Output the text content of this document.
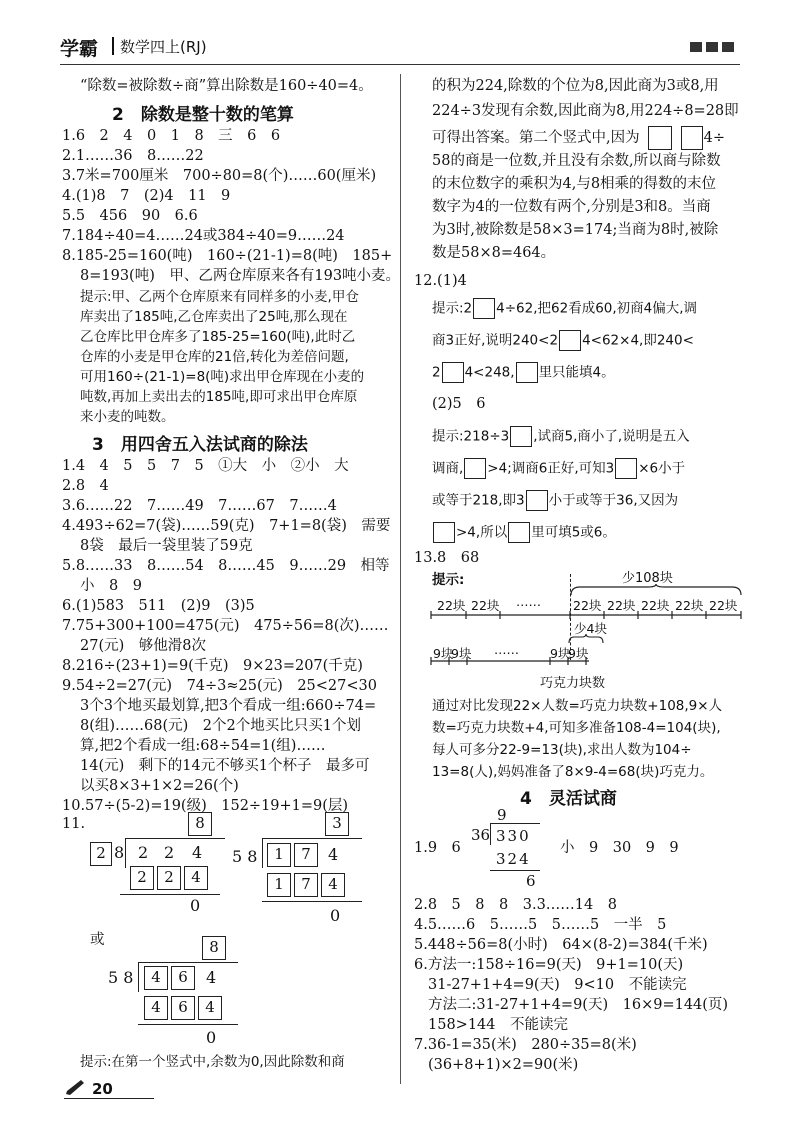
学霸 数学四上(RJ)
“除数=被除数÷商”算出除数是160÷40=4。
2　除数是整十数的笔算
1.6　2　4　0　1　8　三　6　6
2.1……36　8……22
3.7米=700厘米　700÷80=8(个)……60(厘米)
4.(1)8　7　(2)4　11　9
5.5　456　90　6.6
7.184÷40=4……24或384÷40=9……24
8.185-25=160(吨)　160÷(21-1)=8(吨)　185+
8=193(吨)　甲、乙两仓库原来各有193吨小麦。
提示:甲、乙两个仓库原来有同样多的小麦,甲仓
库卖出了185吨,乙仓库卖出了25吨,那么现在
乙仓库比甲仓库多了185-25=160(吨),此时乙
仓库的小麦是甲仓库的21倍,转化为差倍问题,
可用160÷(21-1)=8(吨)求出甲仓库现在小麦的
吨数,再加上卖出去的185吨,即可求出甲仓库原
来小麦的吨数。
3　用四舍五入法试商的除法
1.4　4　5　5　7　5　①大　小　②小　大
2.8　4
3.6……22　7……49　7……67　7……4
4.493÷62=7(袋)……59(克)　7+1=8(袋)　需要
8袋　最后一袋里装了59克
5.8……33　8……54　8……45　9……29　相等
小　8　9
6.(1)583　511　(2)9　(3)5
7.75+300+100=475(元)　475÷56=8(次)……
27(元)　够他滑8次
8.216÷(23+1)=9(千克)　9×23=207(千克)
9.54÷2=27(元)　74÷3≈25(元)　25<27<30
3个3个地买最划算,把3个看成一组:660÷74=
8(组)……68(元)　2个2个地买比只买1个划
算,把2个看成一组:68÷54=1(组)……
14(元)　剩下的14元不够买1个杯子　最多可
以买8×3+1×2=26(个)
10.57÷(5-2)=19(级)　152÷19+1=9(层)
11.	8
2 8 2 2 4
2	2	4
0
3
5 8	1	7	4
1	7	4
0
或	8
5 8	4	6	4
4	6	4
0
提示:在第一个竖式中,余数为0,因此除数和商
20
的积为224,除数的个位为8,因此商为3或8,用
224÷3发现有余数,因此商为8,用224÷8=28即
可得出答案。第二个竖式中,因为	4÷
58的商是一位数,并且没有余数,所以商与除数
的末位数字的乘积为4,与8相乘的得数的末位
数字为4的一位数有两个,分别是3和8。当商
为3时,被除数是58×3=174;当商为8时,被除
数是58×8=464。
12.(1)4
提示:2 4÷62,把62看成60,初商4偏大,调
商3正好,说明240<2 4<62×4,即240<
2 4<248, 里只能填4。
(2)5　6
提示:218÷3 ,试商5,商小了,说明是五入
调商, >4;调商6正好,可知3 ×6小于
或等于218,即3 小于或等于36,又因为
>4,所以 里可填5或6。
13.8　68
提示:	少108块
22块 22块 ……	22块 22块 22块 22块 22块
少4块
9块
9块 …… 9块
9块
巧克力块数
通过对比发现22×人数=巧克力块数+108,9×人
数=巧克力块数+4,可知多准备108-4=104(块),
每人可多分22-9=13(块),求出人数为104÷
13=8(人),妈妈准备了8×9-4=68(块)巧克力。
4　灵活试商
1.9　6
9
36 330
324
6
小　9　30　9　9
2.8　5　8　8　3.3……14　8
4.5……6　5……5　5……5　一半　5
5.448÷56=8(小时)　64×(8-2)=384(千米)
6.方法一:158÷16=9(天)　9+1=10(天)
31-27+1+4=9(天)　9<10　不能读完
方法二:31-27+1+4=9(天)　16×9=144(页)
158>144　不能读完
7.36-1=35(米)　280÷35=8(米)
(36+8+1)×2=90(米)
